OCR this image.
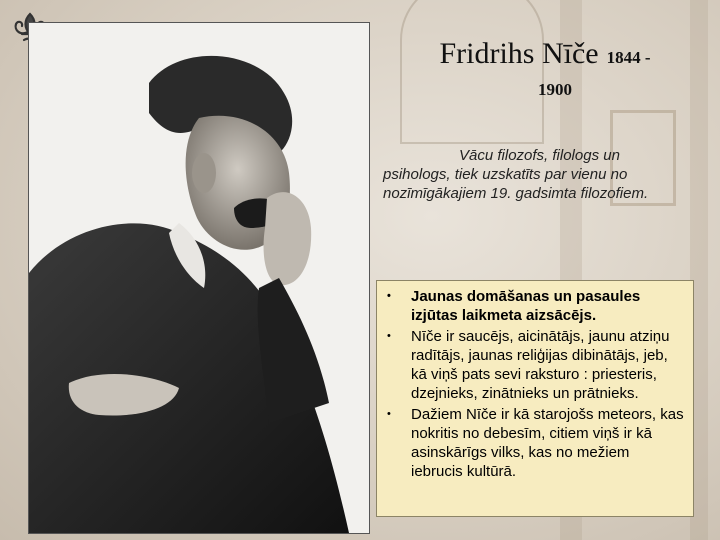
Fridrihs Nīče 1844 -
1900

Vācu filozofs, filologs un psihologs, tiek uzskatīts par vienu no nozīmīgākajiem 19. gadsimta filozofiem.

• Jaunas domāšanas un pasaules izjūtas laikmeta aizsācējs.
• Nīče ir saucējs, aicinātājs, jaunu atziņu radītājs, jaunas reliģijas dibinātājs, jeb, kā viņš pats sevi raksturo : priesteris, dzejnieks, zinātnieks un prātnieks.
• Dažiem Nīče ir kā starojošs meteors, kas nokritis no debesīm, citiem viņš ir kā asinskārīgs vilks, kas no mežiem iebrucis kultūrā.
